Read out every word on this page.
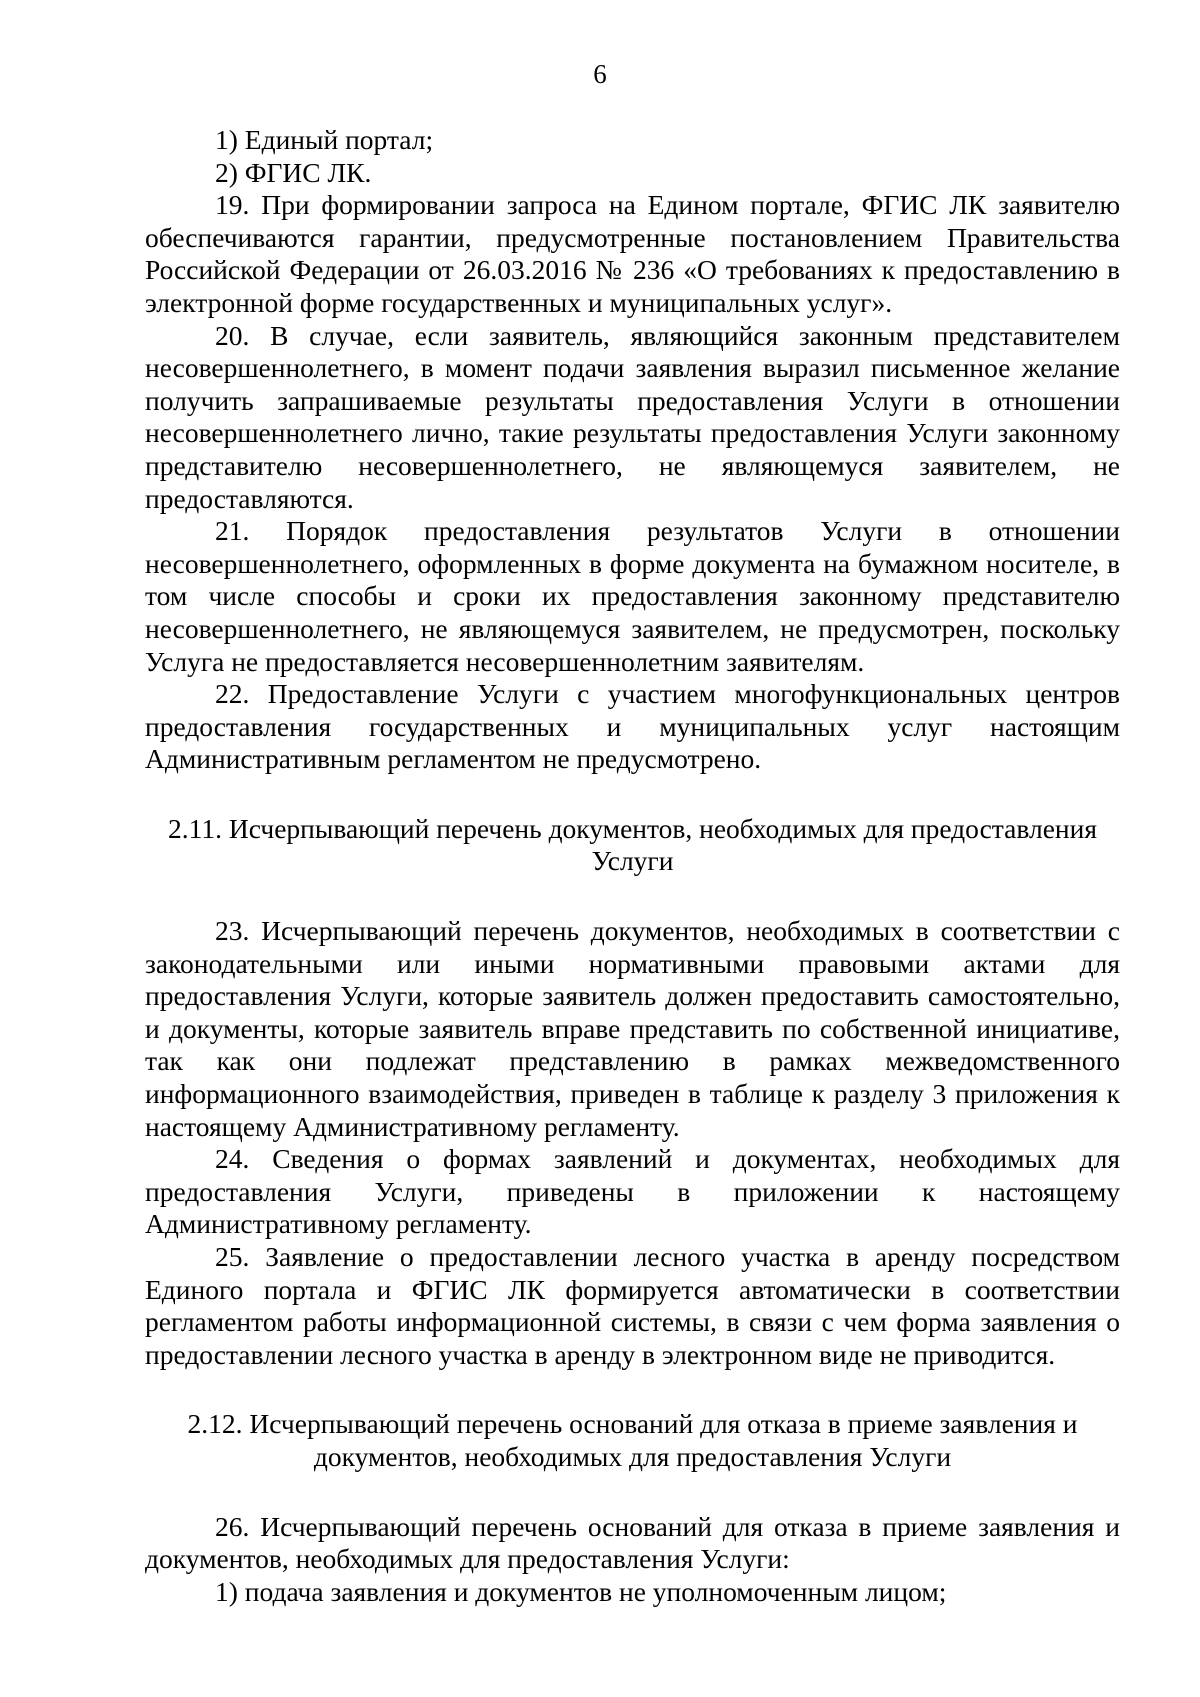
6

1) Единый портал;

2) ФГИС ЛК.

19. При формировании запроса на Едином портале, ФГИС ЛК заявителю обеспечиваются гарантии, предусмотренные постановлением Правительства Российской Федерации от 26.03.2016 № 236 «О требованиях к предоставлению в электронной форме государственных и муниципальных услуг».

20. В случае, если заявитель, являющийся законным представителем несовершеннолетнего, в момент подачи заявления выразил письменное желание получить запрашиваемые результаты предоставления Услуги в отношении несовершеннолетнего лично, такие результаты предоставления Услуги законному представителю несовершеннолетнего, не являющемуся заявителем, не предоставляются.

21. Порядок предоставления результатов Услуги в отношении несовершеннолетнего, оформленных в форме документа на бумажном носителе, в том числе способы и сроки их предоставления законному представителю несовершеннолетнего, не являющемуся заявителем, не предусмотрен, поскольку Услуга не предоставляется несовершеннолетним заявителям.

22. Предоставление Услуги с участием многофункциональных центров предоставления государственных и муниципальных услуг настоящим Административным регламентом не предусмотрено.

2.11. Исчерпывающий перечень документов, необходимых для предоставления Услуги

23. Исчерпывающий перечень документов, необходимых в соответствии с законодательными или иными нормативными правовыми актами для предоставления Услуги, которые заявитель должен предоставить самостоятельно, и документы, которые заявитель вправе представить по собственной инициативе, так как они подлежат представлению в рамках межведомственного информационного взаимодействия, приведен в таблице к разделу 3 приложения к настоящему Административному регламенту.

24. Сведения о формах заявлений и документах, необходимых для предоставления Услуги, приведены в приложении к настоящему Административному регламенту.

25. Заявление о предоставлении лесного участка в аренду посредством Единого портала и ФГИС ЛК формируется автоматически в соответствии регламентом работы информационной системы, в связи с чем форма заявления о предоставлении лесного участка в аренду в электронном виде не приводится.

2.12. Исчерпывающий перечень оснований для отказа в приеме заявления и документов, необходимых для предоставления Услуги

26. Исчерпывающий перечень оснований для отказа в приеме заявления и документов, необходимых для предоставления Услуги:

1) подача заявления и документов не уполномоченным лицом;
